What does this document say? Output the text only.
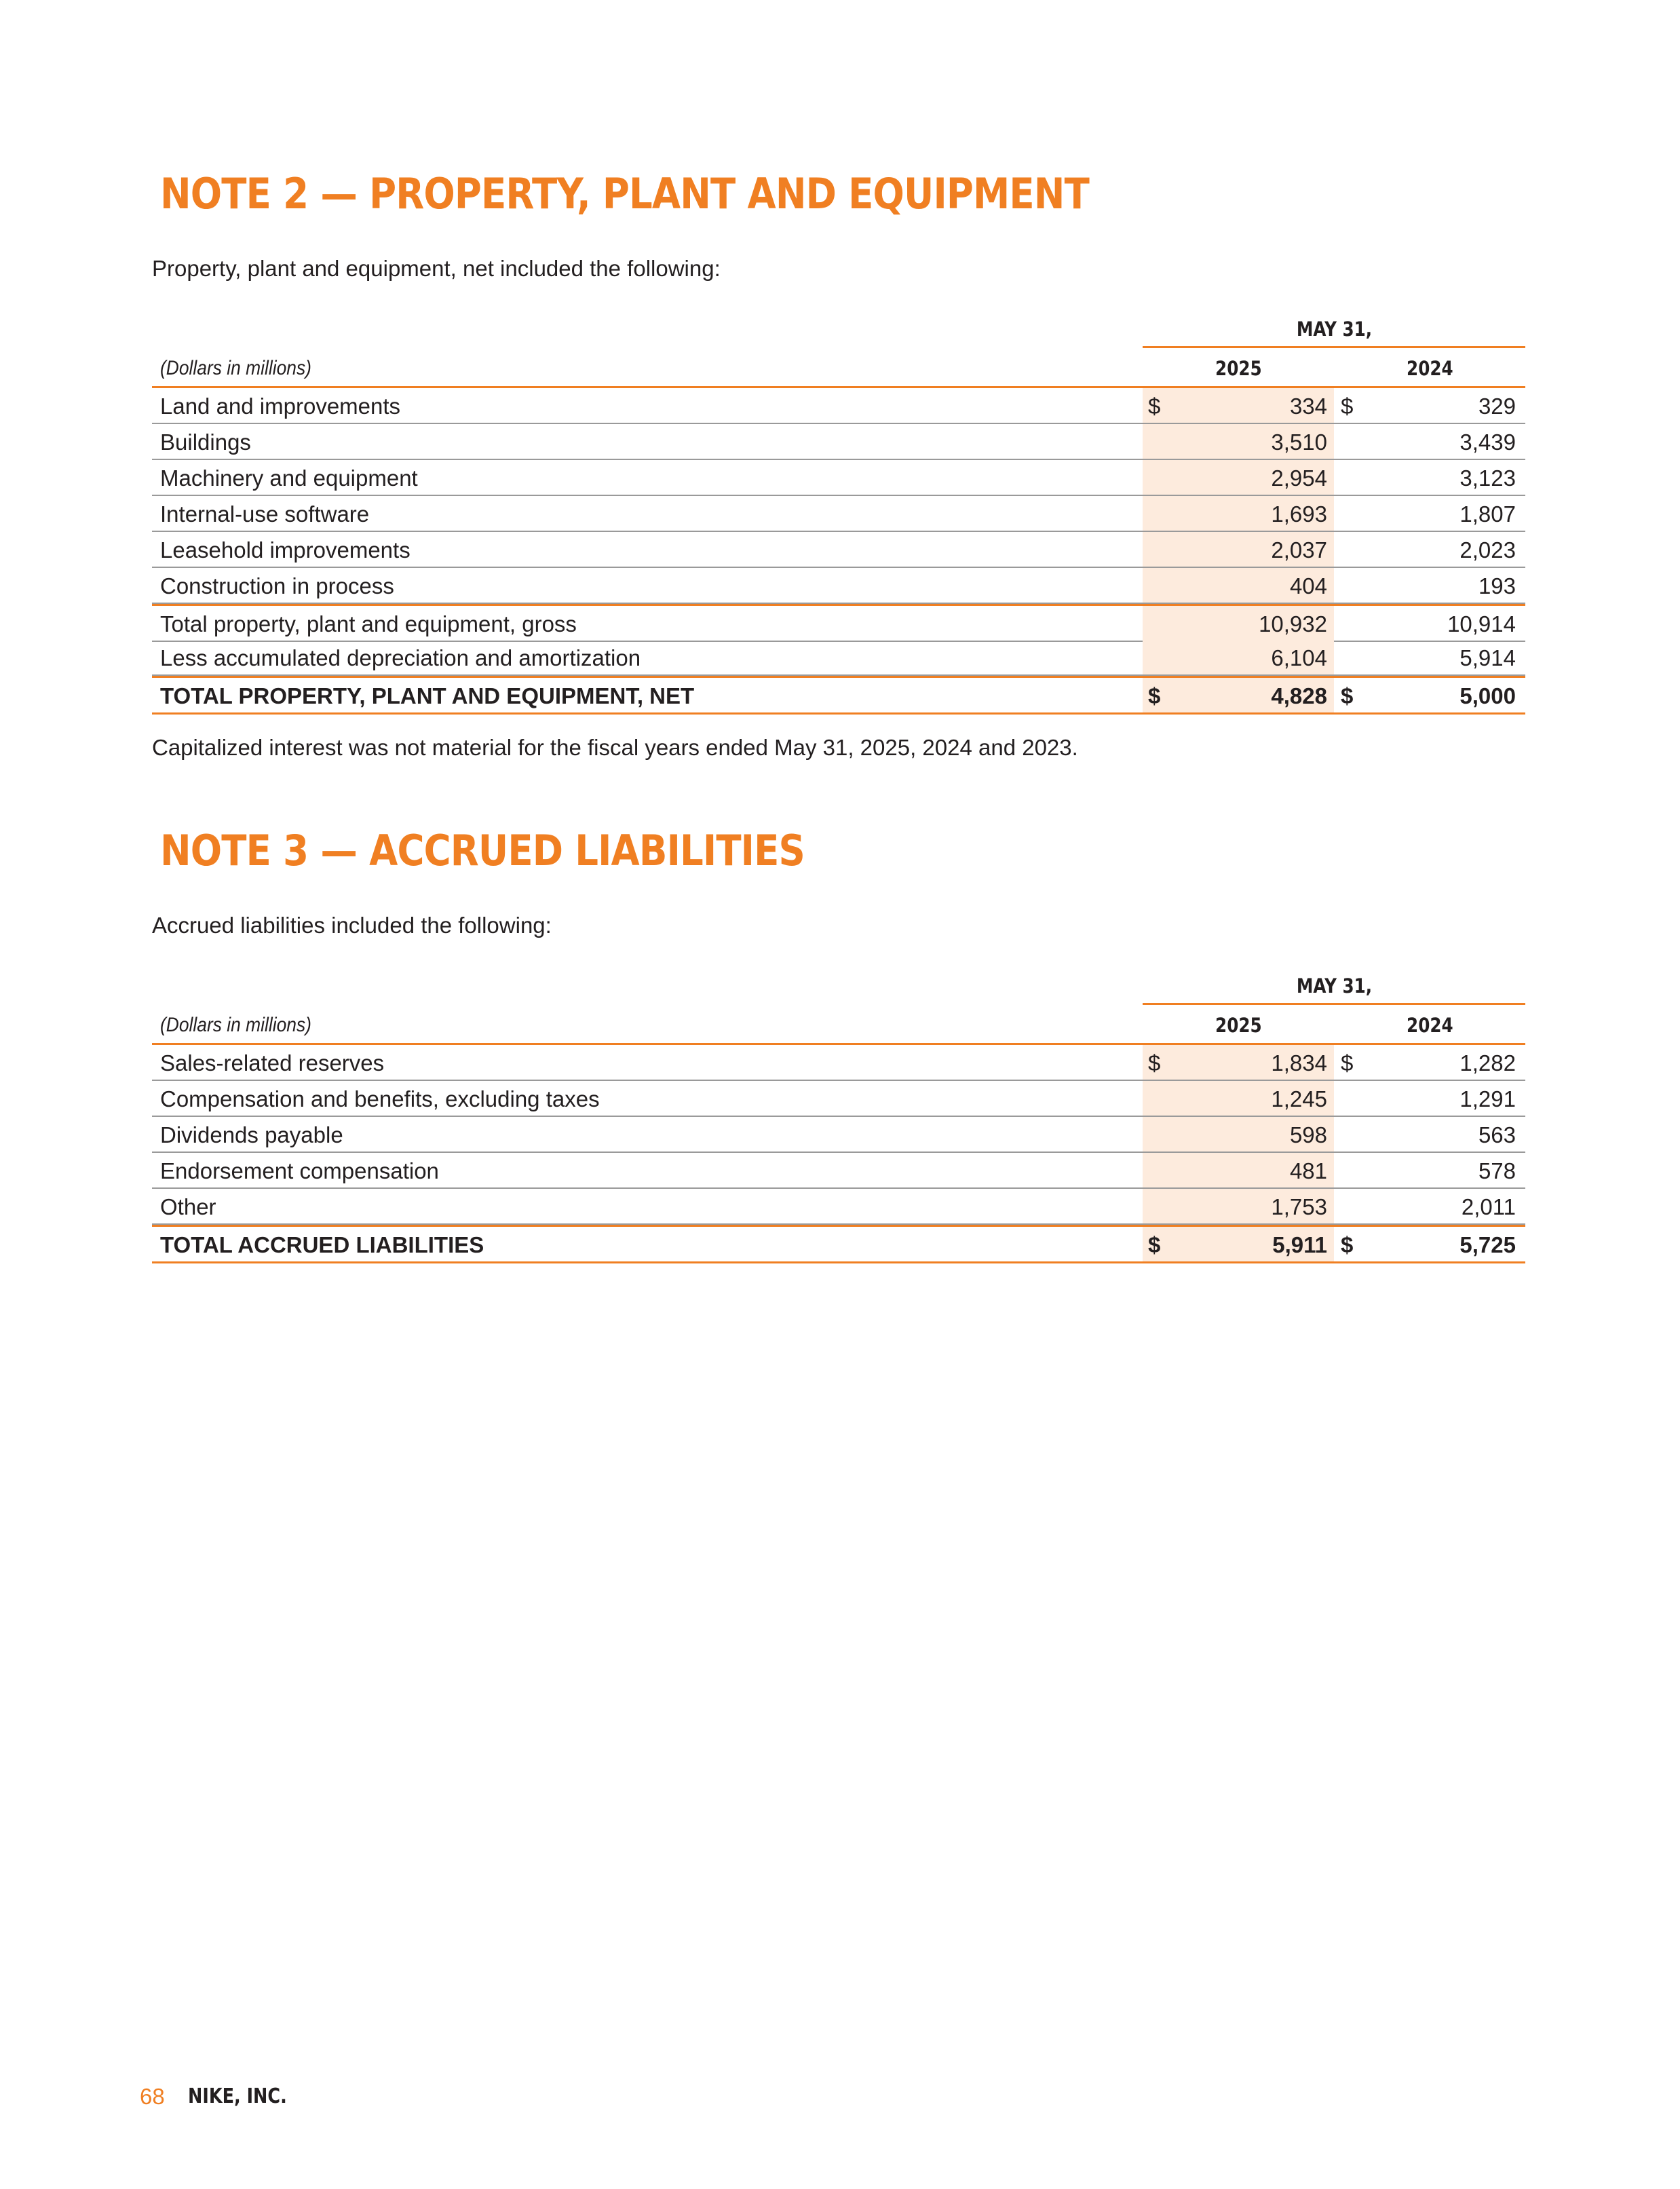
NOTE 2 — PROPERTY, PLANT AND EQUIPMENT

Property, plant and equipment, net included the following:

MAY 31,
(Dollars in millions)	2025	2024
Land and improvements	$	334 $	329
Buildings	3,510	3,439
Machinery and equipment	2,954	3,123
Internal-use software	1,693	1,807
Leasehold improvements	2,037	2,023
Construction in process	404	193
Total property, plant and equipment, gross	10,932	10,914
Less accumulated depreciation and amortization	6,104	5,914
TOTAL PROPERTY, PLANT AND EQUIPMENT, NET	$	4,828 $	5,000

Capitalized interest was not material for the fiscal years ended May 31, 2025, 2024 and 2023.

NOTE 3 — ACCRUED LIABILITIES

Accrued liabilities included the following:

MAY 31,
(Dollars in millions)	2025	2024
Sales-related reserves	$	1,834 $	1,282
Compensation and benefits, excluding taxes	1,245	1,291
Dividends payable	598	563
Endorsement compensation	481	578
Other	1,753	2,011
TOTAL ACCRUED LIABILITIES	$	5,911 $	5,725
68 NIKE, INC.
